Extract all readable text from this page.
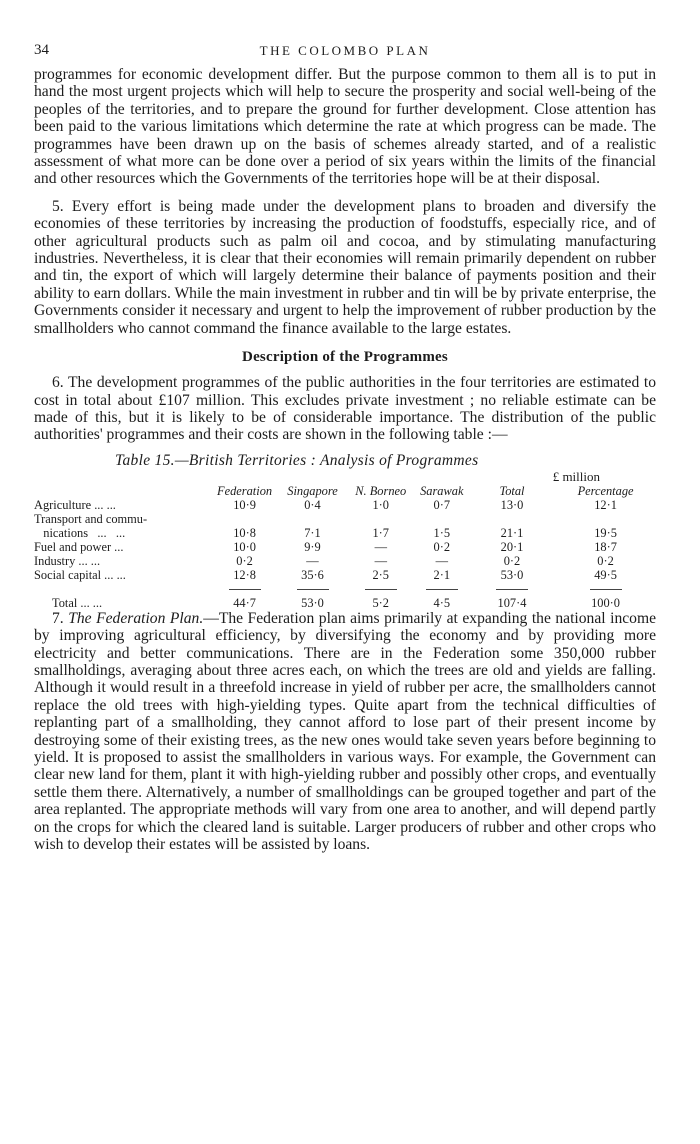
34	THE COLOMBO PLAN

programmes for economic development differ. But the purpose common to them all is to put in hand the most urgent projects which will help to secure the prosperity and social well-being of the peoples of the territories, and to prepare the ground for further development. Close attention has been paid to the various limitations which determine the rate at which progress can be made. The programmes have been drawn up on the basis of schemes already started, and of a realistic assessment of what more can be done over a period of six years within the limits of the financial and other resources which the Governments of the territories hope will be at their disposal.

5. Every effort is being made under the development plans to broaden and diversify the economies of these territories by increasing the production of foodstuffs, especially rice, and of other agricultural products such as palm oil and cocoa, and by stimulating manufacturing industries. Nevertheless, it is clear that their economies will remain primarily dependent on rubber and tin, the export of which will largely determine their balance of payments position and their ability to earn dollars. While the main investment in rubber and tin will be by private enterprise, the Governments consider it necessary and urgent to help the improvement of rubber production by the smallholders who cannot command the finance available to the large estates.

Description of the Programmes

6. The development programmes of the public authorities in the four territories are estimated to cost in total about £107 million. This excludes private investment ; no reliable estimate can be made of this, but it is likely to be of considerable importance. The distribution of the public authorities' programmes and their costs are shown in the following table :—

Table 15.—British Territories : Analysis of Programmes
£ million						
	Federation	Singapore	N. Borneo	Sarawak	Total	Percentage
Agriculture ... ...	10·9	0·4	1·0	0·7	13·0	12·1
Transport and commu-						
nications   ...   ...	10·8	7·1	1·7	1·5	21·1	19·5
Fuel and power ...	10·0	9·9	—	0·2	20·1	18·7
Industry ... ...	0·2	—	—	—	0·2	0·2
Social capital ... ...	12·8	35·6	2·5	2·1	53·0	49·5

Total ... ...	44·7	53·0	5·2	4·5	107·4	100·0

7. The Federation Plan.—The Federation plan aims primarily at expanding the national income by improving agricultural efficiency, by diversifying the economy and by providing more electricity and better communications. There are in the Federation some 350,000 rubber smallholdings, averaging about three acres each, on which the trees are old and yields are falling. Although it would result in a threefold increase in yield of rubber per acre, the smallholders cannot replace the old trees with high-yielding types. Quite apart from the technical difficulties of replanting part of a smallholding, they cannot afford to lose part of their present income by destroying some of their existing trees, as the new ones would take seven years before beginning to yield. It is proposed to assist the smallholders in various ways. For example, the Government can clear new land for them, plant it with high-yielding rubber and possibly other crops, and eventually settle them there. Alternatively, a number of smallholdings can be grouped together and part of the area replanted. The appropriate methods will vary from one area to another, and will depend partly on the crops for which the cleared land is suitable. Larger producers of rubber and other crops who wish to develop their estates will be assisted by loans.
